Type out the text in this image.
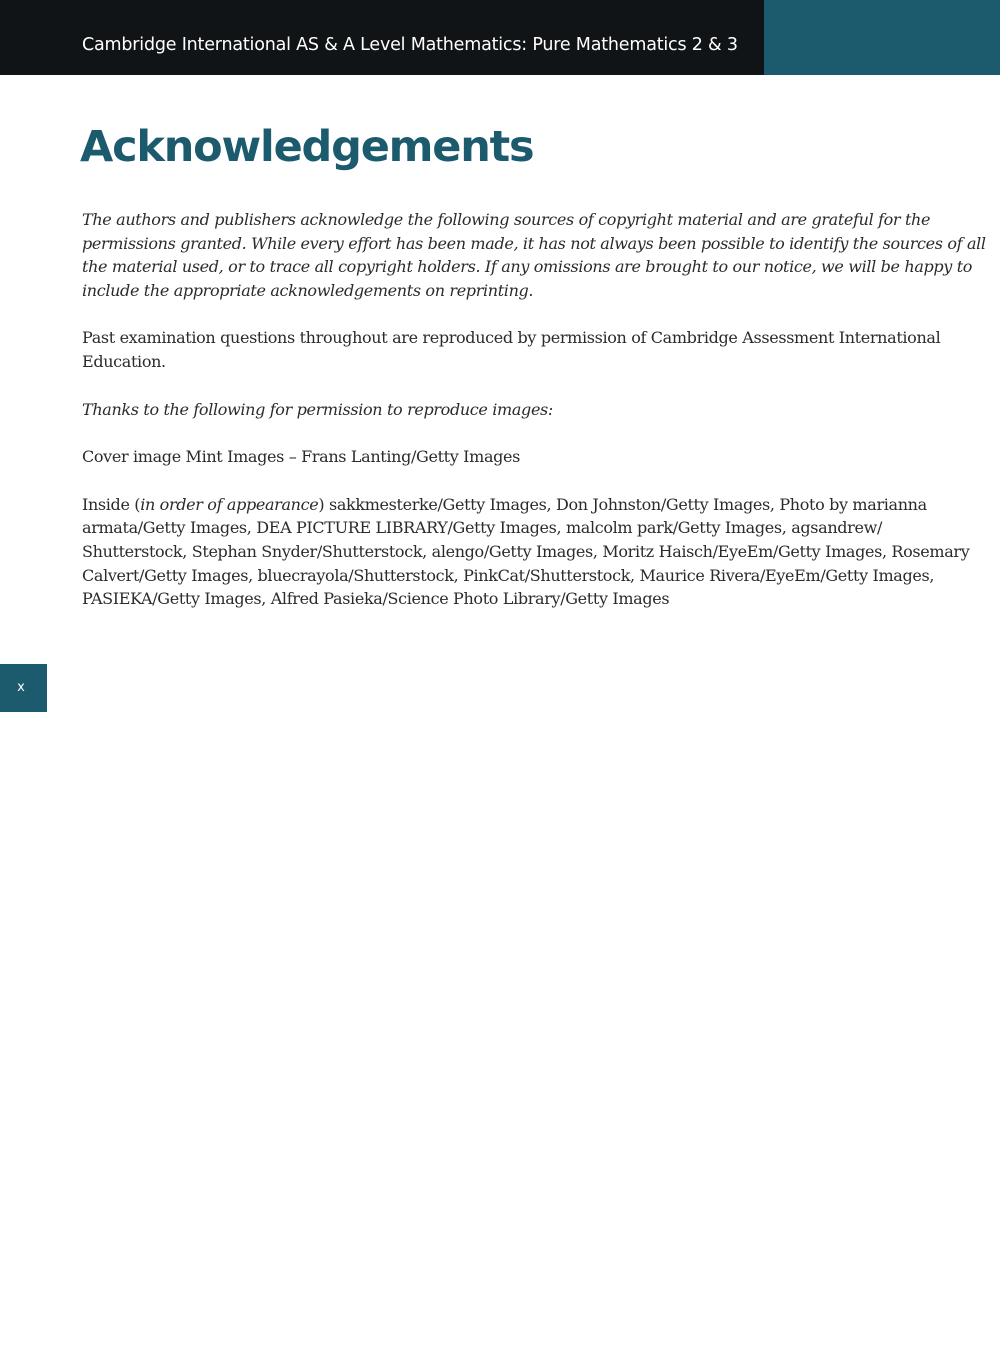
Cambridge International AS & A Level Mathematics: Pure Mathematics 2 & 3
Acknowledgements

The authors and publishers acknowledge the following sources of copyright material and are grateful for the permissions granted. While every effort has been made, it has not always been possible to identify the sources of all the material used, or to trace all copyright holders. If any omissions are brought to our notice, we will be happy to include the appropriate acknowledgements on reprinting.

Past examination questions throughout are reproduced by permission of Cambridge Assessment International Education.

Thanks to the following for permission to reproduce images:

Cover image Mint Images – Frans Lanting/Getty Images

Inside (in order of appearance) sakkmesterke/Getty Images, Don Johnston/Getty Images, Photo by marianna armata/Getty Images, DEA PICTURE LIBRARY/Getty Images, malcolm park/Getty Images, agsandrew/ Shutterstock, Stephan Snyder/Shutterstock, alengo/Getty Images, Moritz Haisch/EyeEm/Getty Images, Rosemary Calvert/Getty Images, bluecrayola/Shutterstock, PinkCat/Shutterstock, Maurice Rivera/EyeEm/Getty Images, PASIEKA/Getty Images, Alfred Pasieka/Science Photo Library/Getty Images

x
